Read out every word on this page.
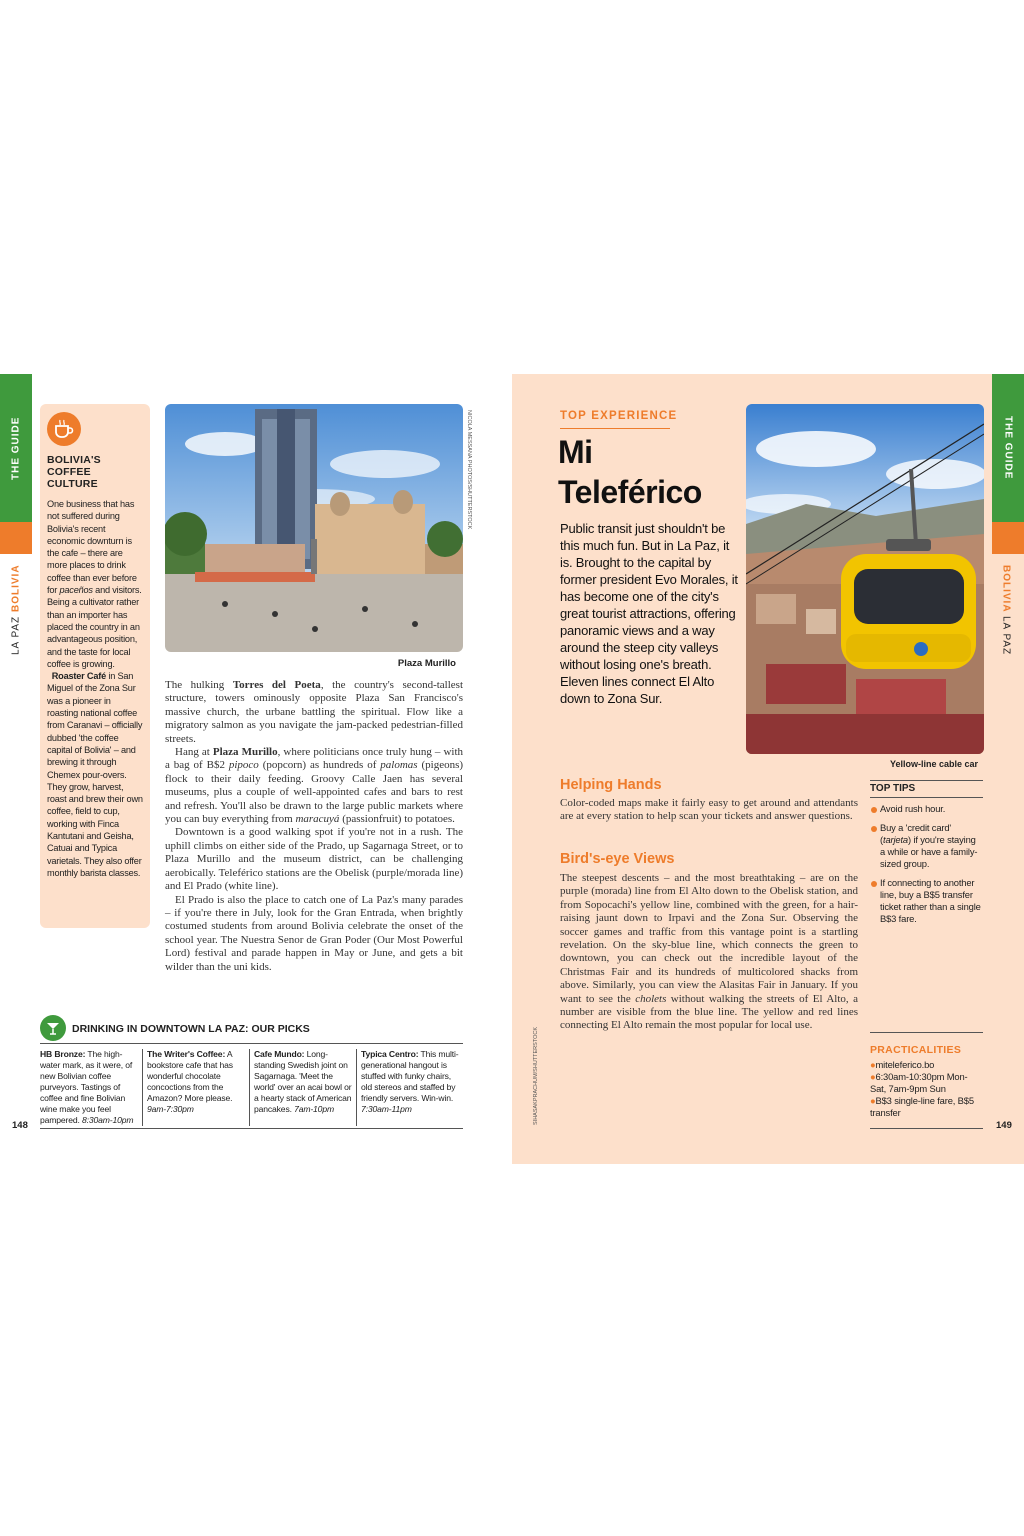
THE GUIDE
LA PAZ

BOLIVIA
BOLIVIA'S COFFEE CULTURE
One business that has not suffered during Bolivia's recent economic downturn is the cafe – there are more places to drink coffee than ever before for paceños and visitors. Being a cultivator rather than an importer has placed the country in an advantageous position, and the taste for local coffee is growing.
Roaster Café in San Miguel of the Zona Sur was a pioneer in roasting national coffee from Caranavi – officially dubbed 'the coffee capital of Bolivia' – and brewing it through Chemex pour-overs. They grow, harvest, roast and brew their own coffee, field to cup, working with Finca Kantutani and Geisha, Catuai and Typica varietals. They also offer monthly barista classes.
NICOLA MESSANA PHOTOS/SHUTTERSTOCK
Plaza Murillo

The hulking Torres del Poeta, the country's second-tallest structure, towers ominously opposite Plaza San Francisco's massive church, the urbane battling the spiritual. Flow like a migratory salmon as you navigate the jam-packed pedestrian-filled streets.

Hang at Plaza Murillo, where politicians once truly hung – with a bag of B$2 pipoco (popcorn) as hundreds of palomas (pigeons) flock to their daily feeding. Groovy Calle Jaen has several museums, plus a couple of well-appointed cafes and bars to rest and refresh. You'll also be drawn to the large public markets where you can buy everything from maracuyá (passionfruit) to potatoes.

Downtown is a good walking spot if you're not in a rush. The uphill climbs on either side of the Prado, up Sagarnaga Street, or to Plaza Murillo and the museum district, can be challenging aerobically. Teleférico stations are the Obelisk (purple/morada line) and El Prado (white line).

El Prado is also the place to catch one of La Paz's many parades – if you're there in July, look for the Gran Entrada, when brightly costumed students from around Bolivia celebrate the onset of the school year. The Nuestra Senor de Gran Poder (Our Most Powerful Lord) festival and parade happen in May or June, and gets a bit wilder than the uni kids.

DRINKING IN DOWNTOWN LA PAZ: OUR PICKS
HB Bronze: The high-water mark, as it were, of new Bolivian coffee purveyors. Tastings of coffee and fine Bolivian wine make you feel pampered. 8:30am-10pm
The Writer's Coffee: A bookstore cafe that has wonderful chocolate concoctions from the Amazon? More please. 9am-7:30pm
Cafe Mundo: Long-standing Swedish joint on Sagarnaga. 'Meet the world' over an acai bowl or a hearty stack of American pancakes. 7am-10pm
Typica Centro: This multi-generational hangout is stuffed with funky chairs, old stereos and staffed by friendly servers. Win-win. 7:30am-11pm
148
THE GUIDE
BOLIVIA

LA PAZ
TOP EXPERIENCE
Mi
Teleférico
Public transit just shouldn't be this much fun. But in La Paz, it is. Brought to the capital by former president Evo Morales, it has become one of the city's great tourist attractions, offering panoramic views and a way around the steep city valleys without losing one's breath. Eleven lines connect El Alto down to Zona Sur.
Yellow-line cable car
SIHASAKPRACHUM/SHUTTERSTOCK
Helping Hands
Color-coded maps make it fairly easy to get around and attendants are at every station to help scan your tickets and answer questions.
Bird's-eye Views
The steepest descents – and the most breathtaking – are on the purple (morada) line from El Alto down to the Obelisk station, and from Sopocachi's yellow line, combined with the green, for a hair-raising jaunt down to Irpavi and the Zona Sur. Observing the soccer games and traffic from this vantage point is a startling revelation. On the sky-blue line, which connects the green to downtown, you can check out the incredible layout of the Christmas Fair and its hundreds of multicolored shacks from above. Similarly, you can view the Alasitas Fair in January. If you want to see the cholets without walking the streets of El Alto, a number are visible from the blue line. The yellow and red lines connecting El Alto remain the most popular for local use.
TOP TIPS
Avoid rush hour.
Buy a 'credit card' (tarjeta) if you're staying a while or have a family-sized group.
If connecting to another line, buy a B$5 transfer ticket rather than a single B$3 fare.
PRACTICALITIES
●miteleferico.bo
●6:30am-10:30pm Mon-Sat, 7am-9pm Sun
●B$3 single-line fare, B$5 transfer
149
